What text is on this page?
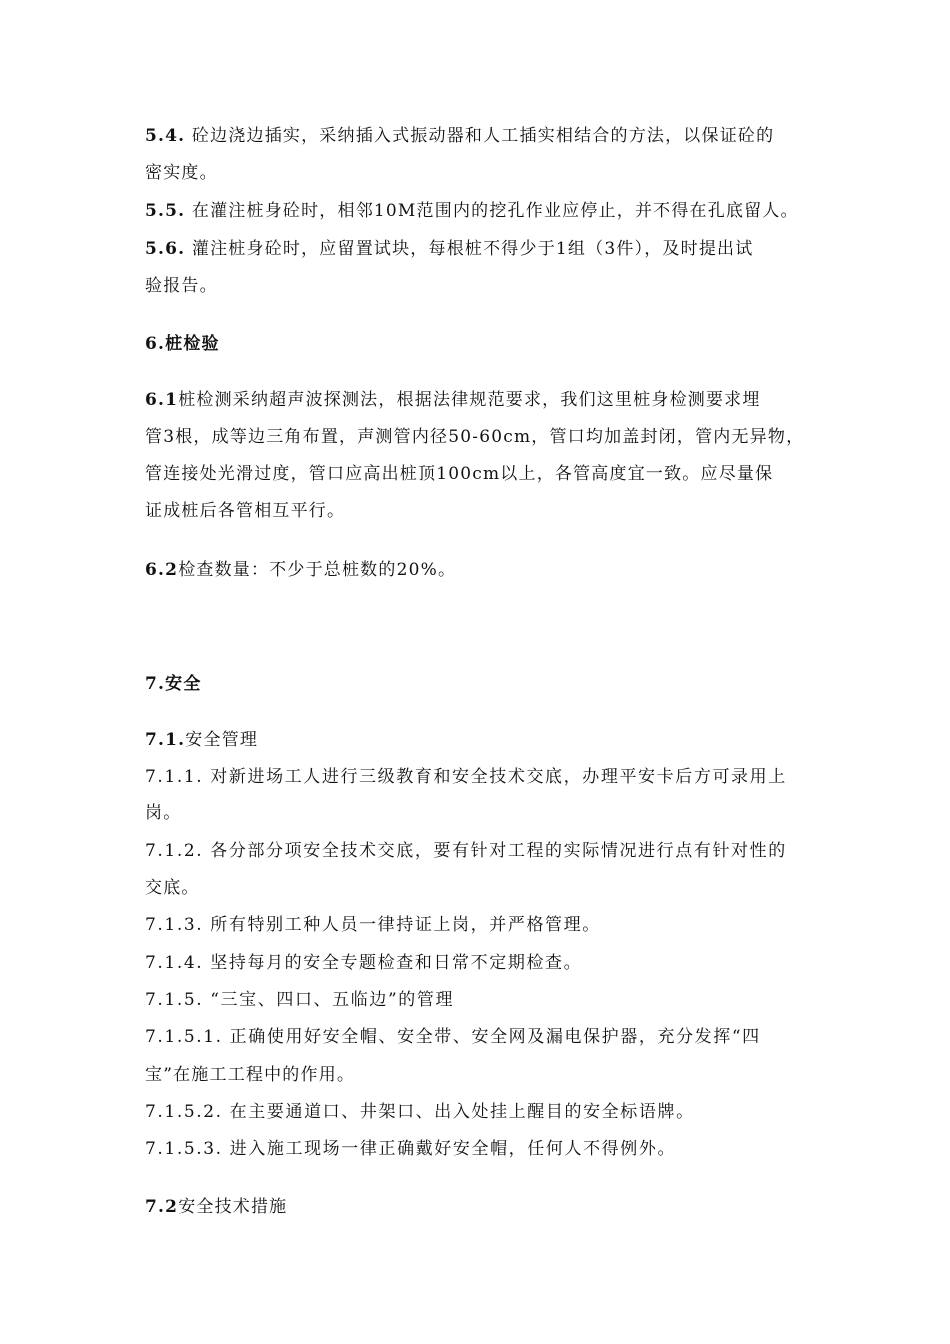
5.4. 砼边浇边插实，采纳插入式振动器和人工插实相结合的方法，以保证砼的
密实度。
5.5. 在灌注桩身砼时，相邻10M范围内的挖孔作业应停止，并不得在孔底留人。
5.6. 灌注桩身砼时，应留置试块，每根桩不得少于1组（3件），及时提出试
验报告。
6.桩检验
6.1桩检测采纳超声波探测法，根据法律规范要求，我们这里桩身检测要求埋
管3根，成等边三角布置，声测管内径50-60cm，管口均加盖封闭，管内无异物，
管连接处光滑过度，管口应高出桩顶100cm以上，各管高度宜一致。应尽量保
证成桩后各管相互平行。
6.2检查数量：不少于总桩数的20%。
7.安全
7.1.安全管理
7.1.1. 对新进场工人进行三级教育和安全技术交底，办理平安卡后方可录用上
岗。
7.1.2. 各分部分项安全技术交底，要有针对工程的实际情况进行点有针对性的
交底。
7.1.3. 所有特别工种人员一律持证上岗，并严格管理。
7.1.4. 坚持每月的安全专题检查和日常不定期检查。
7.1.5. “三宝、四口、五临边”的管理
7.1.5.1. 正确使用好安全帽、安全带、安全网及漏电保护器，充分发挥“四
宝”在施工工程中的作用。
7.1.5.2. 在主要通道口、井架口、出入处挂上醒目的安全标语牌。
7.1.5.3. 进入施工现场一律正确戴好安全帽，任何人不得例外。
7.2安全技术措施
